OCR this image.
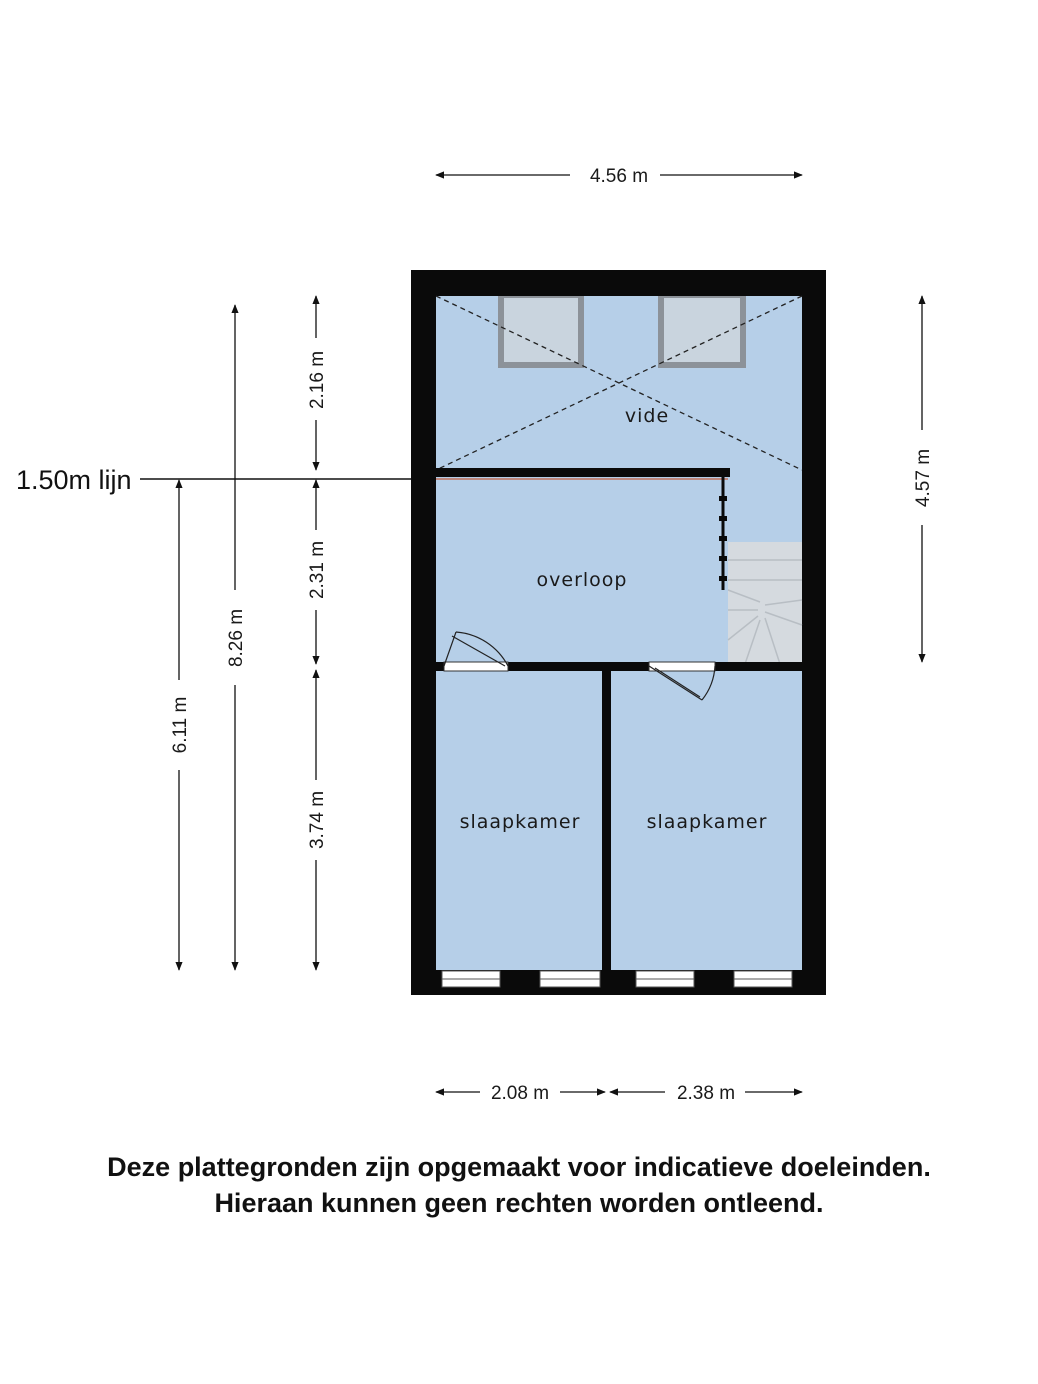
vide
overloop
slaapkamer	slaapkamer
1.50m lijn
4.56 m
4.57 m
2.08 m	2.38 m
2.16 m
2.31 m
3.74 m
8.26 m
6.11 m
Deze plattegronden zijn opgemaakt voor indicatieve doeleinden.
Hieraan kunnen geen rechten worden ontleend.
